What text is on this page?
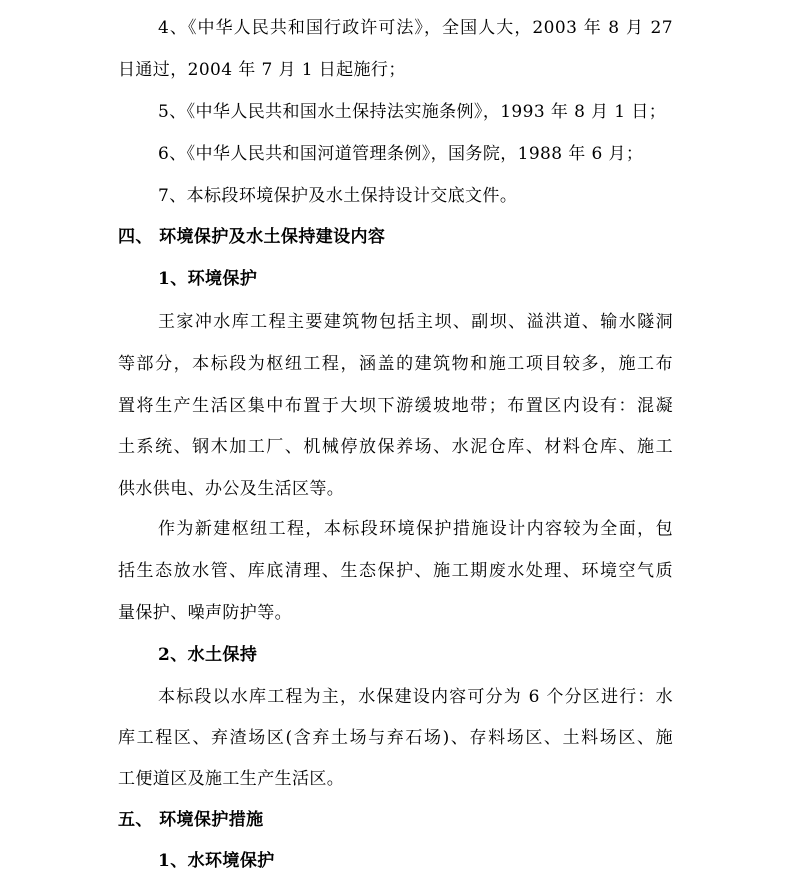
4、《中华人民共和国行政许可法》，全国人大，2003 年 8 月 27
日通过，2004 年 7 月 1 日起施行；
5、《中华人民共和国水土保持法实施条例》，1993 年 8 月 1 日；
6、《中华人民共和国河道管理条例》，国务院，1988 年 6 月；
7、本标段环境保护及水土保持设计交底文件。
四、 环境保护及水土保持建设内容
1、环境保护
王家冲水库工程主要建筑物包括主坝、副坝、溢洪道、输水隧洞
等部分，本标段为枢纽工程，涵盖的建筑物和施工项目较多，施工布
置将生产生活区集中布置于大坝下游缓坡地带；布置区内设有：混凝
土系统、钢木加工厂、机械停放保养场、水泥仓库、材料仓库、施工
供水供电、办公及生活区等。
作为新建枢纽工程，本标段环境保护措施设计内容较为全面，包
括生态放水管、库底清理、生态保护、施工期废水处理、环境空气质
量保护、噪声防护等。
2、水土保持
本标段以水库工程为主，水保建设内容可分为 6 个分区进行：水
库工程区、弃渣场区(含弃土场与弃石场)、存料场区、土料场区、施
工便道区及施工生产生活区。
五、 环境保护措施
1、水环境保护
